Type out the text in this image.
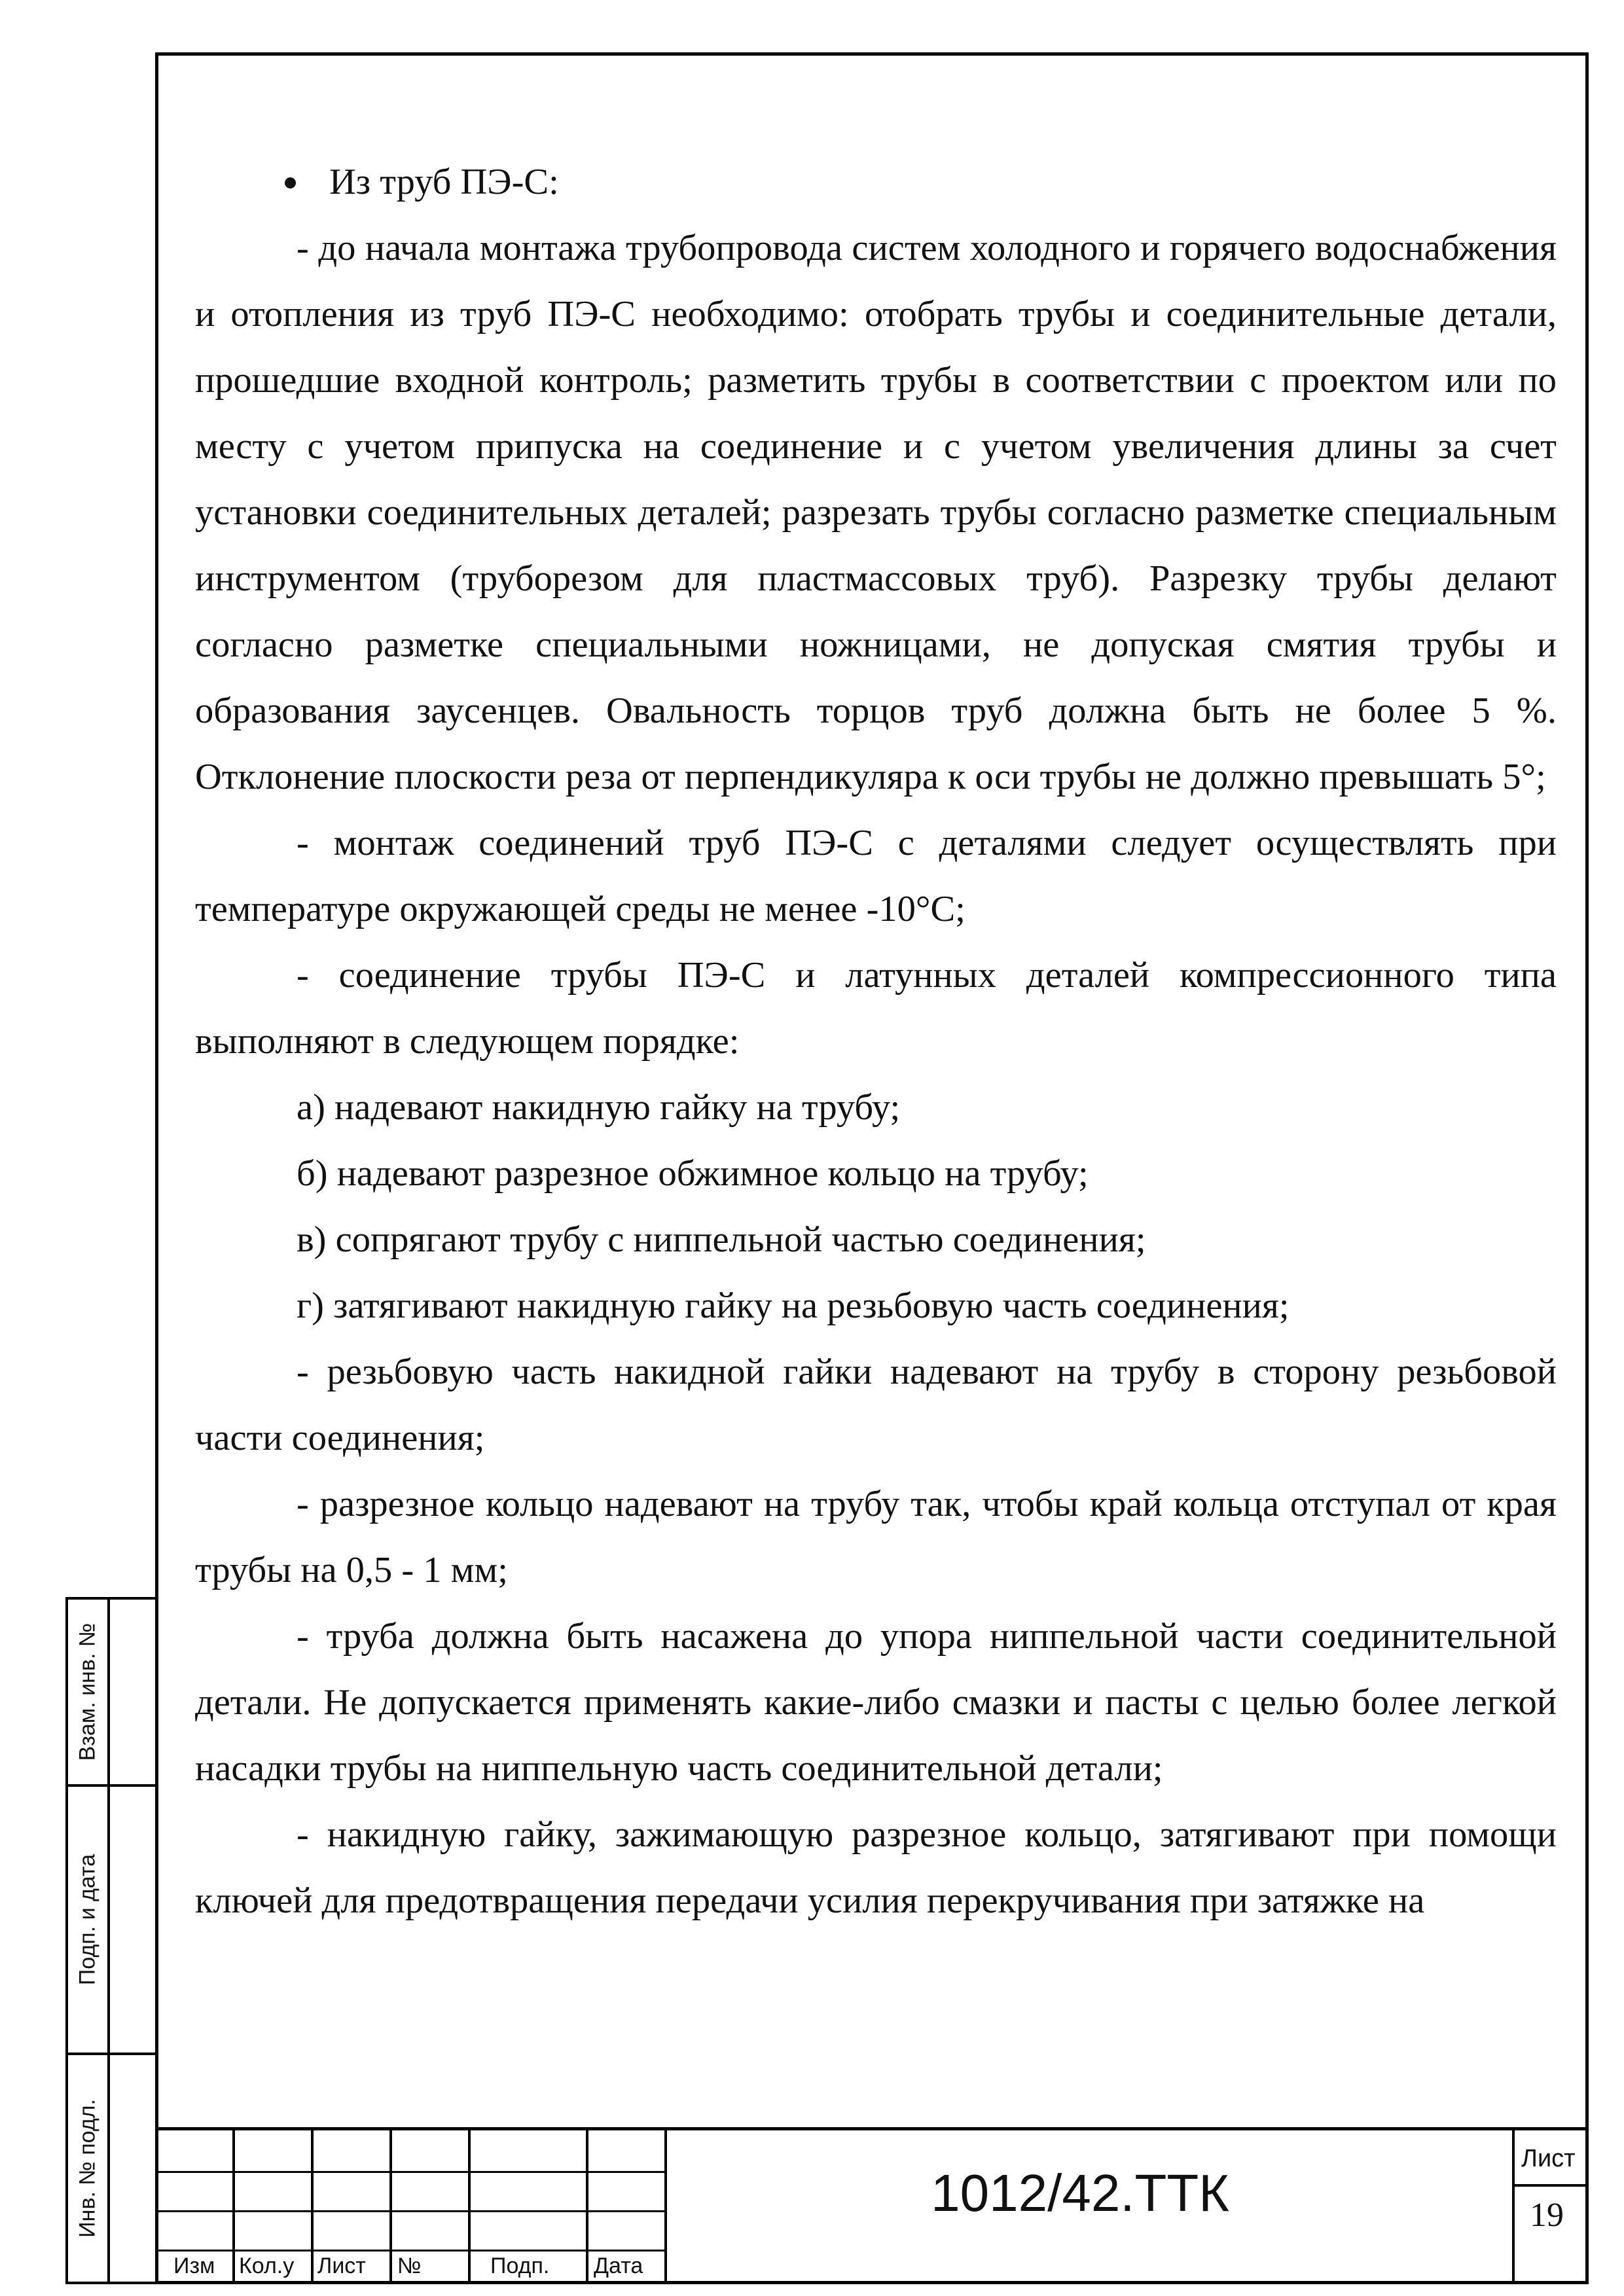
Из труб ПЭ-С:

- до начала монтажа трубопровода систем холодного и горячего водоснабжения и отопления из труб ПЭ-С необходимо: отобрать трубы и соединительные детали, прошедшие входной контроль; разметить трубы в соответствии с проектом или по месту с учетом припуска на соединение и с учетом увеличения длины за счет установки соединительных деталей; разрезать трубы согласно разметке специальным инструментом (труборезом для пластмассовых труб). Разрезку трубы делают согласно разметке специальными ножницами, не допуская смятия трубы и образования заусенцев. Овальность торцов труб должна быть не более 5 %. Отклонение плоскости реза от перпендикуляра к оси трубы не должно превышать 5°;

- монтаж соединений труб ПЭ-С с деталями следует осуществлять при температуре окружающей среды не менее -10°С;

- соединение трубы ПЭ-С и латунных деталей компрессионного типа выполняют в следующем порядке:

а) надевают накидную гайку на трубу;

б) надевают разрезное обжимное кольцо на трубу;

в) сопрягают трубу с ниппельной частью соединения;

г) затягивают накидную гайку на резьбовую часть соединения;

- резьбовую часть накидной гайки надевают на трубу в сторону резьбовой части соединения;

- разрезное кольцо надевают на трубу так, чтобы край кольца отступал от края трубы на 0,5 - 1 мм;

- труба должна быть насажена до упора ниппельной части соединительной детали. Не допускается применять какие-либо смазки и пасты с целью более легкой насадки трубы на ниппельную часть соединительной детали;

- накидную гайку, зажимающую разрезное кольцо, затягивают при помощи ключей для предотвращения передачи усилия перекручивания при затяжке на

Взам. инв. №
Подп. и дата
Инв. № подл.
Изм Кол.у Лист №	Подп. Дата
1012/42.ТТК
Лист
19
